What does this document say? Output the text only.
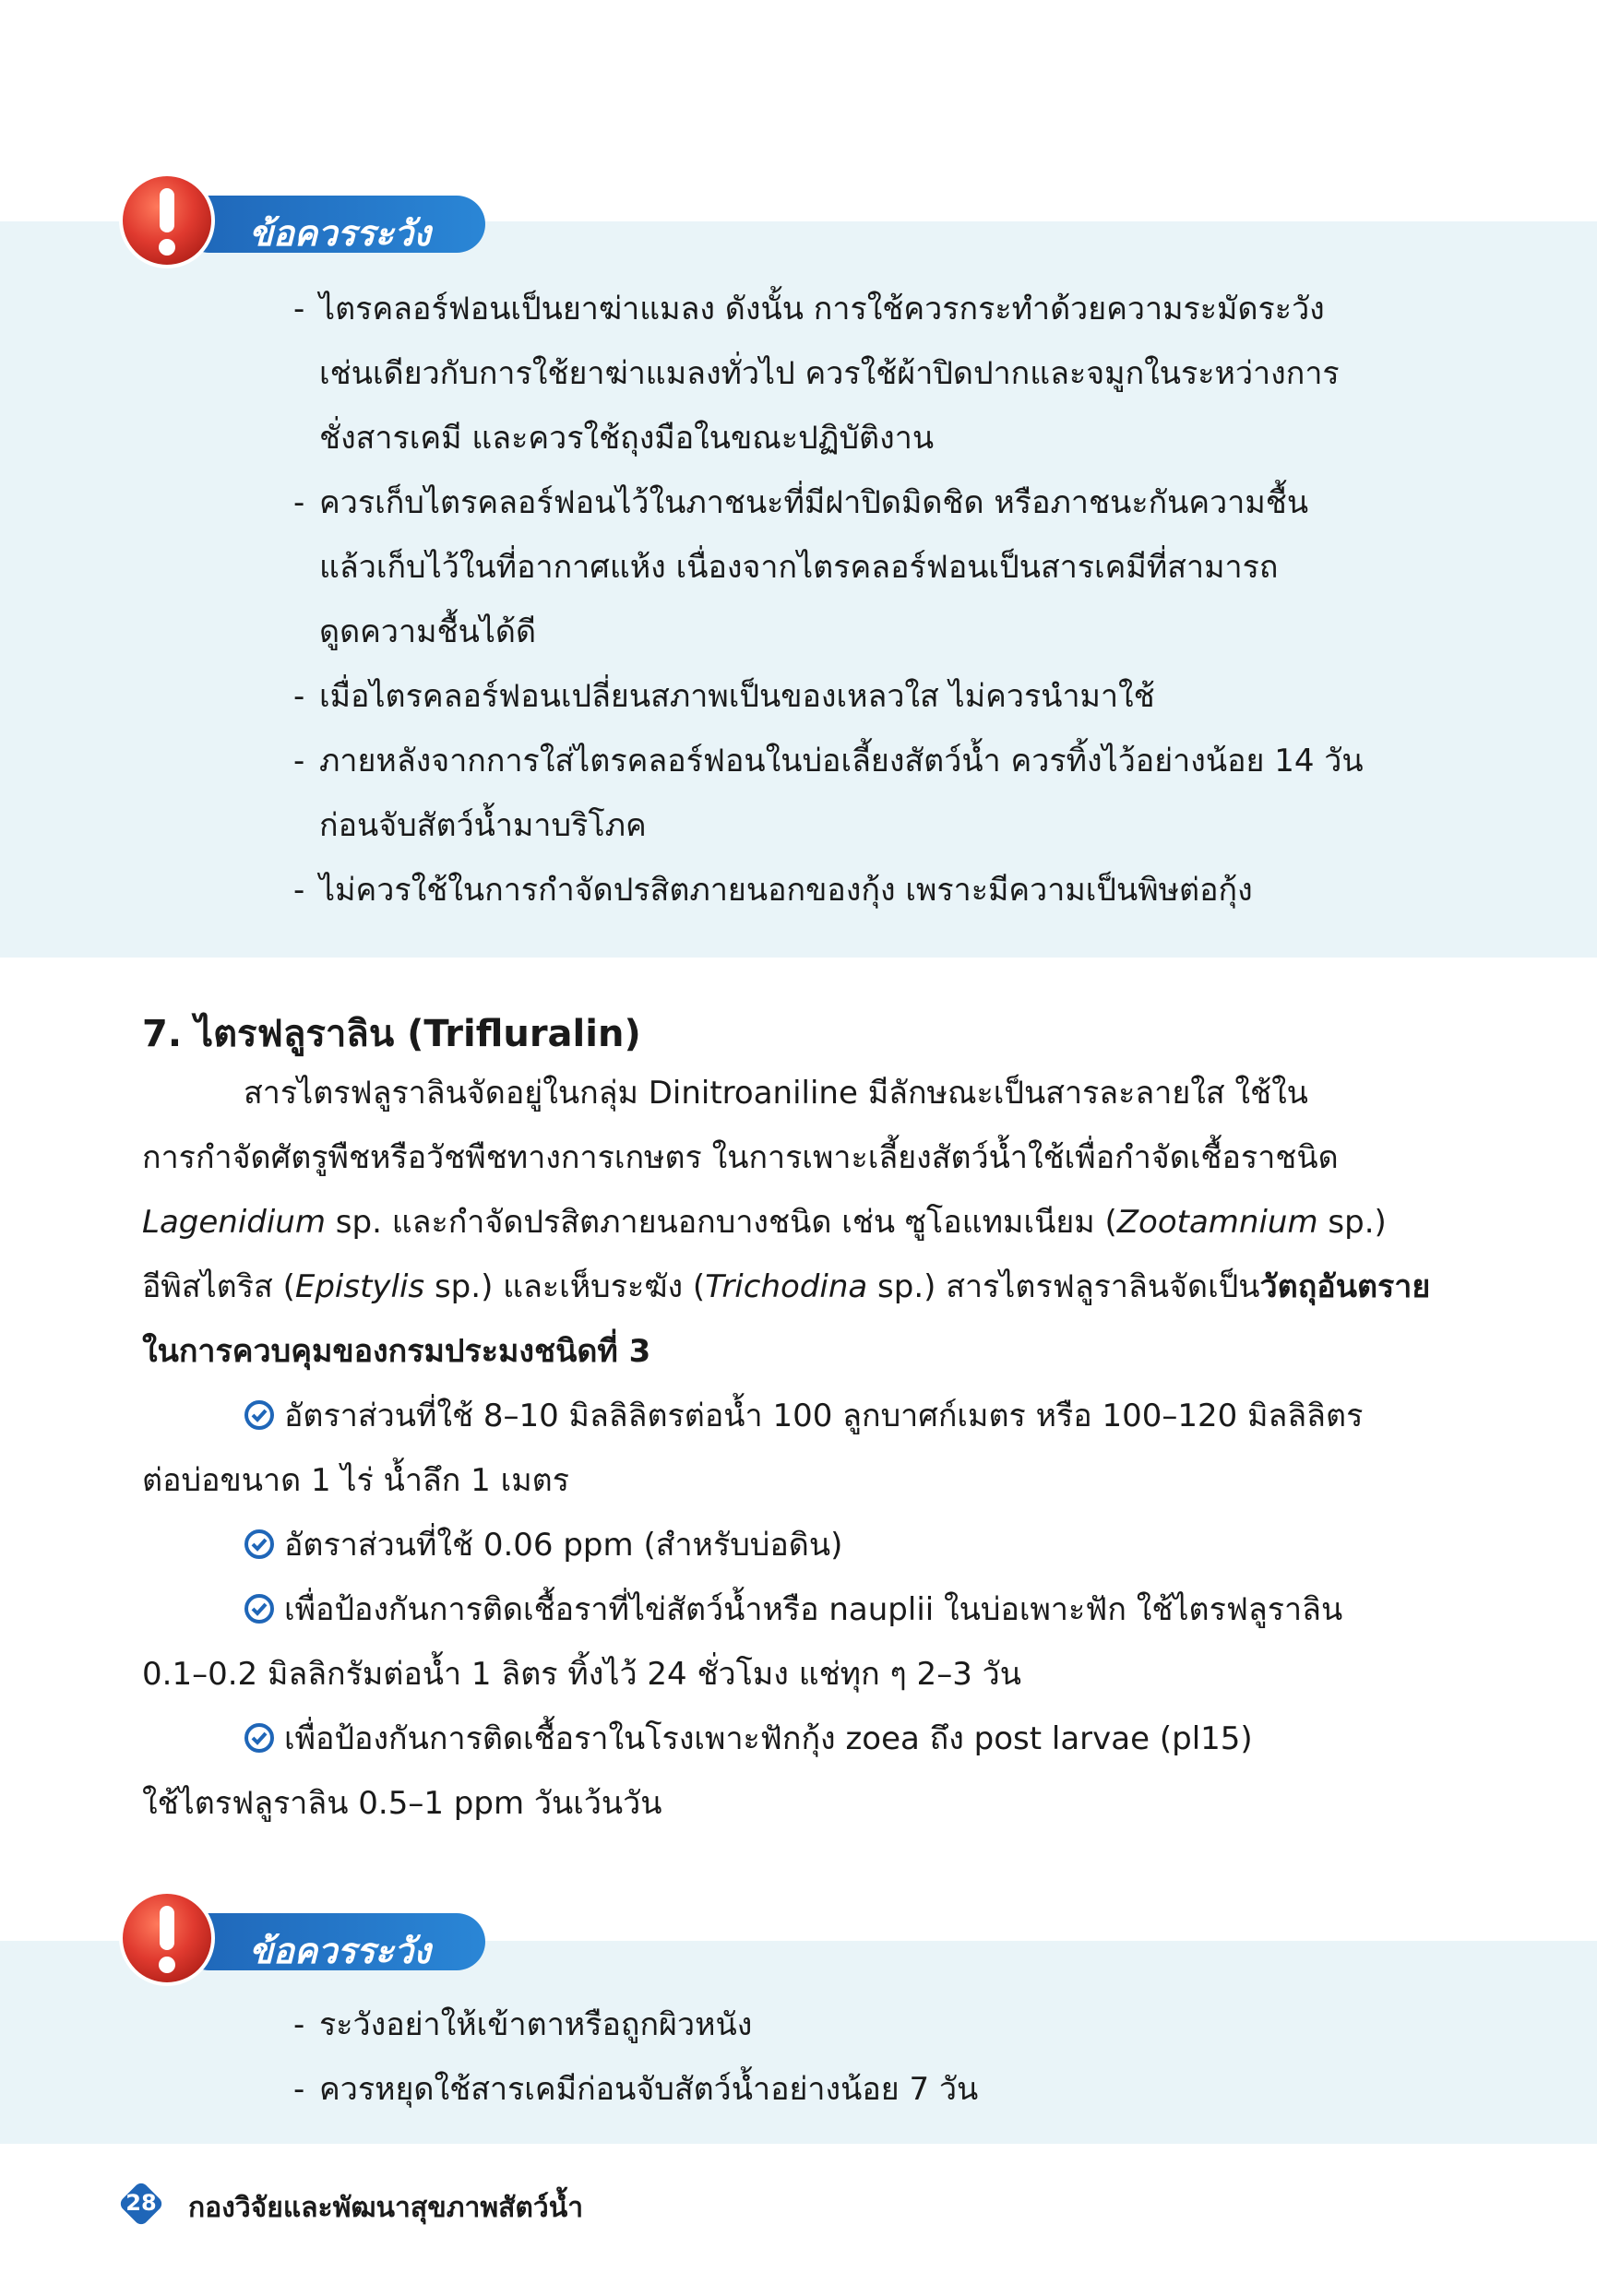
ข้อควรระวัง
- ไตรคลอร์ฟอนเป็นยาฆ่าแมลง ดังนั้น การใช้ควรกระทำด้วยความระมัดระวัง
เช่นเดียวกับการใช้ยาฆ่าแมลงทั่วไป ควรใช้ผ้าปิดปากและจมูกในระหว่างการ
ชั่งสารเคมี และควรใช้ถุงมือในขณะปฏิบัติงาน
- ควรเก็บไตรคลอร์ฟอนไว้ในภาชนะที่มีฝาปิดมิดชิด หรือภาชนะกันความชื้น
แล้วเก็บไว้ในที่อากาศแห้ง เนื่องจากไตรคลอร์ฟอนเป็นสารเคมีที่สามารถ
ดูดความชื้นได้ดี
- เมื่อไตรคลอร์ฟอนเปลี่ยนสภาพเป็นของเหลวใส ไม่ควรนำมาใช้
- ภายหลังจากการใส่ไตรคลอร์ฟอนในบ่อเลี้ยงสัตว์น้ำ ควรทิ้งไว้อย่างน้อย 14 วัน
ก่อนจับสัตว์น้ำมาบริโภค
- ไม่ควรใช้ในการกำจัดปรสิตภายนอกของกุ้ง เพราะมีความเป็นพิษต่อกุ้ง
7. ไตรฟลูราลิน (Trifluralin)
สารไตรฟลูราลินจัดอยู่ในกลุ่ม Dinitroaniline มีลักษณะเป็นสารละลายใส ใช้ใน
การกำจัดศัตรูพืชหรือวัชพืชทางการเกษตร ในการเพาะเลี้ยงสัตว์น้ำใช้เพื่อกำจัดเชื้อราชนิด
Lagenidium sp. และกำจัดปรสิตภายนอกบางชนิด เช่น ซูโอแทมเนียม (Zootamnium sp.)
อีพิสไตริส (Epistylis sp.) และเห็บระฆัง (Trichodina sp.) สารไตรฟลูราลินจัดเป็นวัตถุอันตราย
ในการควบคุมของกรมประมงชนิดที่ 3
อัตราส่วนที่ใช้ 8–10 มิลลิลิตรต่อน้ำ 100 ลูกบาศก์เมตร หรือ 100–120 มิลลิลิตร
ต่อบ่อขนาด 1 ไร่ น้ำลึก 1 เมตร
อัตราส่วนที่ใช้ 0.06 ppm (สำหรับบ่อดิน)
เพื่อป้องกันการติดเชื้อราที่ไข่สัตว์น้ำหรือ nauplii ในบ่อเพาะฟัก ใช้ไตรฟลูราลิน
0.1–0.2 มิลลิกรัมต่อน้ำ 1 ลิตร ทิ้งไว้ 24 ชั่วโมง แช่ทุก ๆ 2–3 วัน
เพื่อป้องกันการติดเชื้อราในโรงเพาะฟักกุ้ง zoea ถึง post larvae (pl15)
ใช้ไตรฟลูราลิน 0.5–1 ppm วันเว้นวัน
ข้อควรระวัง
- ระวังอย่าให้เข้าตาหรือถูกผิวหนัง
- ควรหยุดใช้สารเคมีก่อนจับสัตว์น้ำอย่างน้อย 7 วัน
28	กองวิจัยและพัฒนาสุขภาพสัตว์น้ำ
